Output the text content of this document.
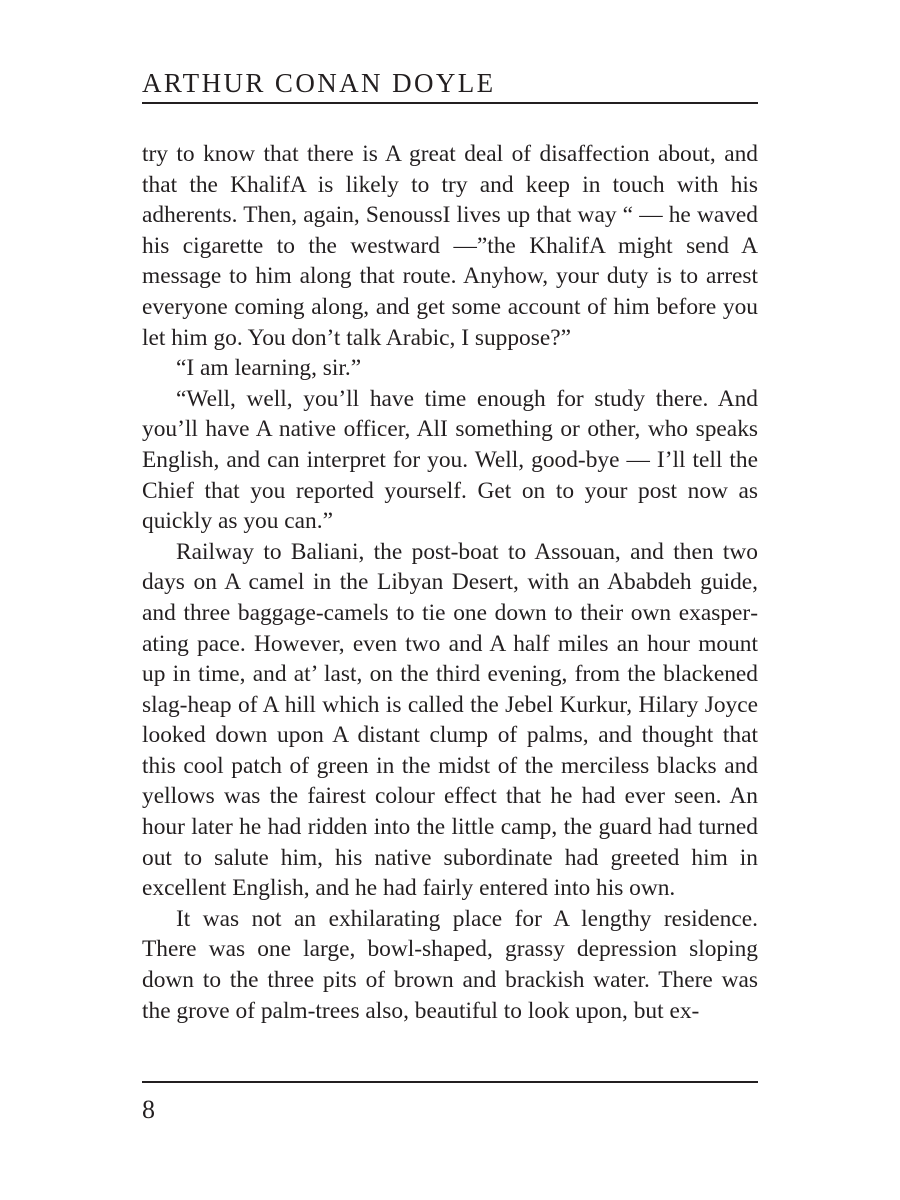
ARTHUR CONAN DOYLE

try to know that there is A great deal of disaffection about, and that the KhalifA is likely to try and keep in touch with his adherents. Then, again, SenoussI lives up that way “ — he waved his cigarette to the westward —”the KhalifA might send A message to him along that route. Anyhow, your duty is to arrest everyone coming along, and get some account of him before you let him go. You don’t talk Arabic, I suppose?”

“I am learning, sir.”

“Well, well, you’ll have time enough for study there. And you’ll have A native officer, AlI something or other, who speaks English, and can interpret for you. Well, good-bye — I’ll tell the Chief that you reported yourself. Get on to your post now as quickly as you can.”

Railway to Baliani, the post-boat to Assouan, and then two days on A camel in the Libyan Desert, with an Ababdeh guide, and three baggage-camels to tie one down to their own exasperating pace. However, even two and A half miles an hour mount up in time, and at’ last, on the third evening, from the blackened slag-heap of A hill which is called the Jebel Kurkur, Hilary Joyce looked down upon A distant clump of palms, and thought that this cool patch of green in the midst of the merciless blacks and yellows was the fairest colour effect that he had ever seen. An hour later he had ridden into the little camp, the guard had turned out to salute him, his native subordinate had greeted him in excellent English, and he had fairly entered into his own.

It was not an exhilarating place for A lengthy residence. There was one large, bowl-shaped, grassy depression sloping down to the three pits of brown and brackish water. There was the grove of palm-trees also, beautiful to look upon, but ex-

8
